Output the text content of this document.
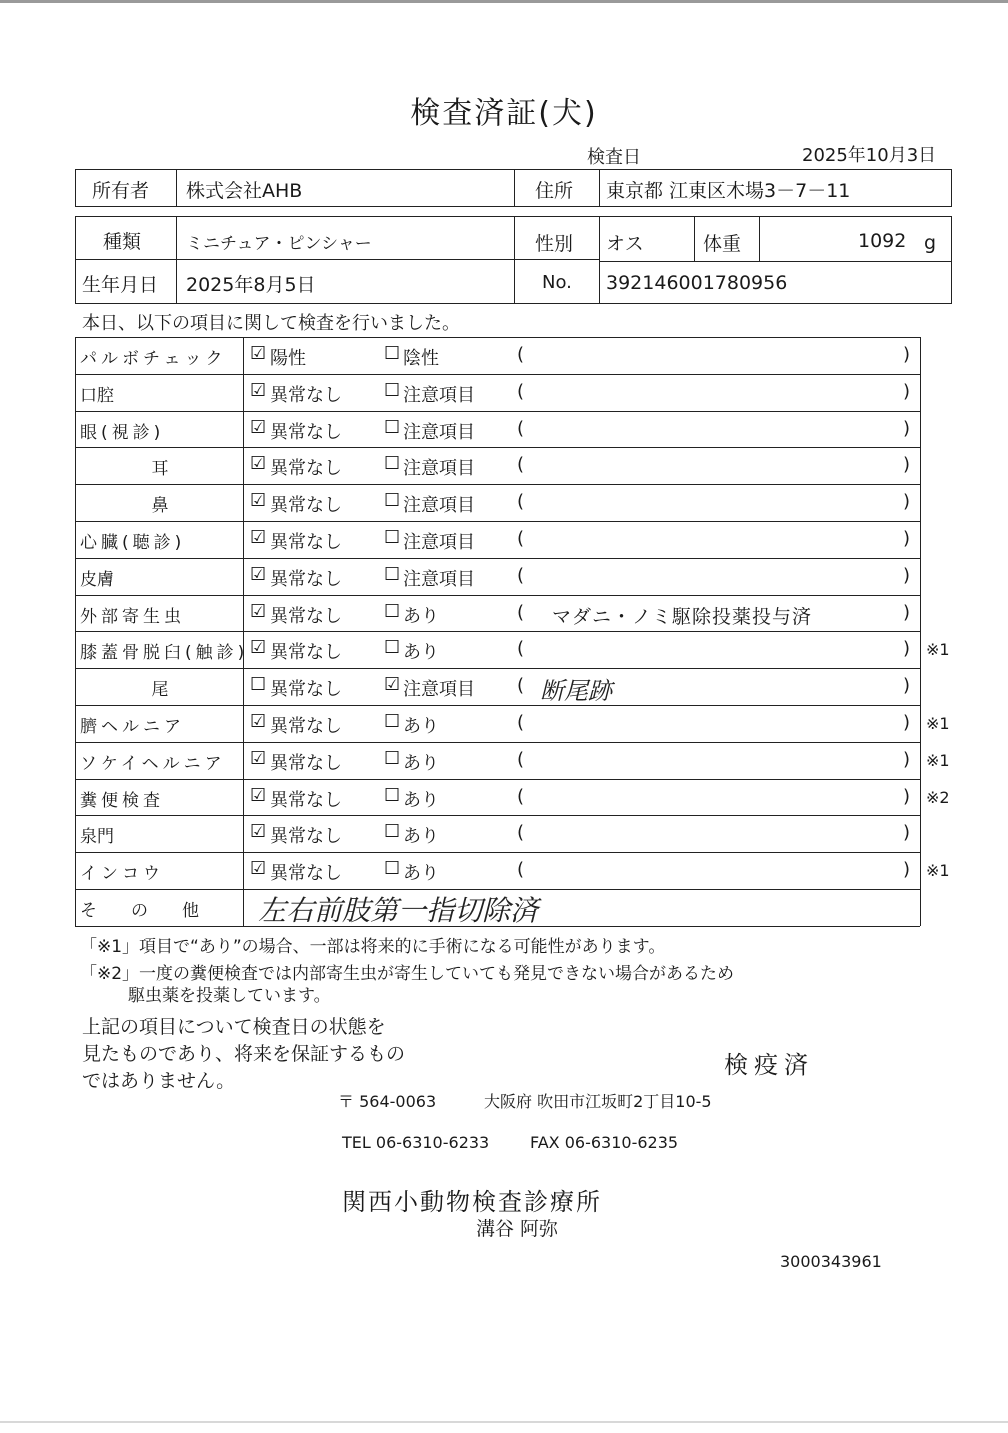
検査済証(犬)
検査日	2025年10月3日
所有者 株式会社AHB	住所 東京都 江東区木場3－7－11
種類	ミニチュア・ピンシャー	性別 オス	体重	1092 g
生年月日 2025年8月5日	No. 392146001780956
本日、以下の項目に関して検査を行いました。
パルボチェック	☑ 陽性	☐ 陰性	(	)
口腔	☑ 異常なし ☐ 注意項目 (	)
眼(視診)	☑ 異常なし ☐ 注意項目 (	)
耳	☑ 異常なし ☐ 注意項目 (	)
鼻	☑ 異常なし ☐ 注意項目 (	)
心臓(聴診)	☑ 異常なし ☐ 注意項目 (	)
皮膚	☑ 異常なし ☐ 注意項目 (	)
外部寄生虫	☑ 異常なし ☐ あり	( マダニ・ノミ駆除投薬投与済	)
膝蓋骨脱臼(触診) ☑ 異常なし ☐ あり	(	) ※1
尾	☐ 異常なし ☑ 注意項目 ( 断尾跡	)
臍ヘルニア	☑ 異常なし ☐ あり	(	) ※1
ソケイヘルニア	☑ 異常なし ☐ あり	(	) ※1
糞便検査	☑ 異常なし ☐ あり	(	) ※2
泉門	☑ 異常なし ☐ あり	(	)
インコウ	☑ 異常なし ☐ あり	(	) ※1
その他 左右前肢第一指切除済
「※1」項目で“あり”の場合、一部は将来的に手術になる可能性があります。
「※2」一度の糞便検査では内部寄生虫が寄生していても発見できない場合があるため
駆虫薬を投薬しています。
上記の項目について検査日の状態を
見たものであり、将来を保証するもの
ではありません。
検疫済
〒 564-0063	大阪府 吹田市江坂町2丁目10-5
TEL 06-6310-6233	FAX 06-6310-6235
関西小動物検査診療所
溝谷 阿弥
3000343961
